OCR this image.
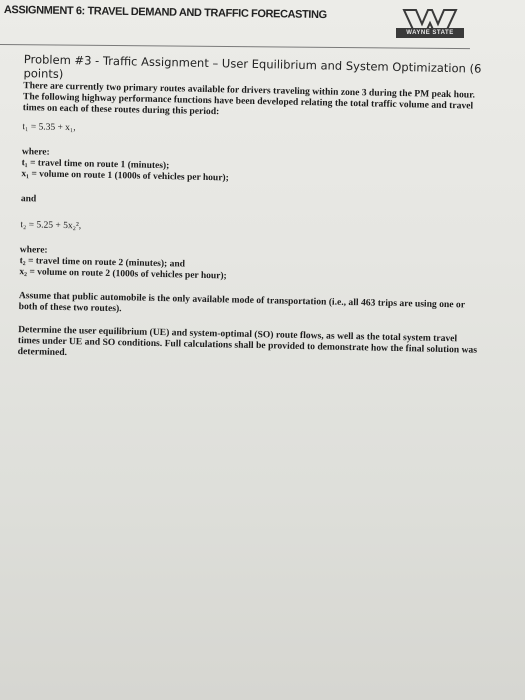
ASSIGNMENT 6: TRAVEL DEMAND AND TRAFFIC FORECASTING
WAYNE STATE

Problem #3 - Traffic Assignment – User Equilibrium and System Optimization (6 points)

There are currently two primary routes available for drivers traveling within zone 3 during the PM peak hour. The following highway performance functions have been developed relating the total traffic volume and travel times on each of these routes during this period:

t₁ = 5.35 + x₁,
where:
t₁ = travel time on route 1 (minutes);
x₁ = volume on route 1 (1000s of vehicles per hour);
and
t₂ = 5.25 + 5x₂²,
where:
t₂ = travel time on route 2 (minutes); and
x₂ = volume on route 2 (1000s of vehicles per hour);

Assume that public automobile is the only available mode of transportation (i.e., all 463 trips are using one or both of these two routes).

Determine the user equilibrium (UE) and system-optimal (SO) route flows, as well as the total system travel times under UE and SO conditions. Full calculations shall be provided to demonstrate how the final solution was determined.
